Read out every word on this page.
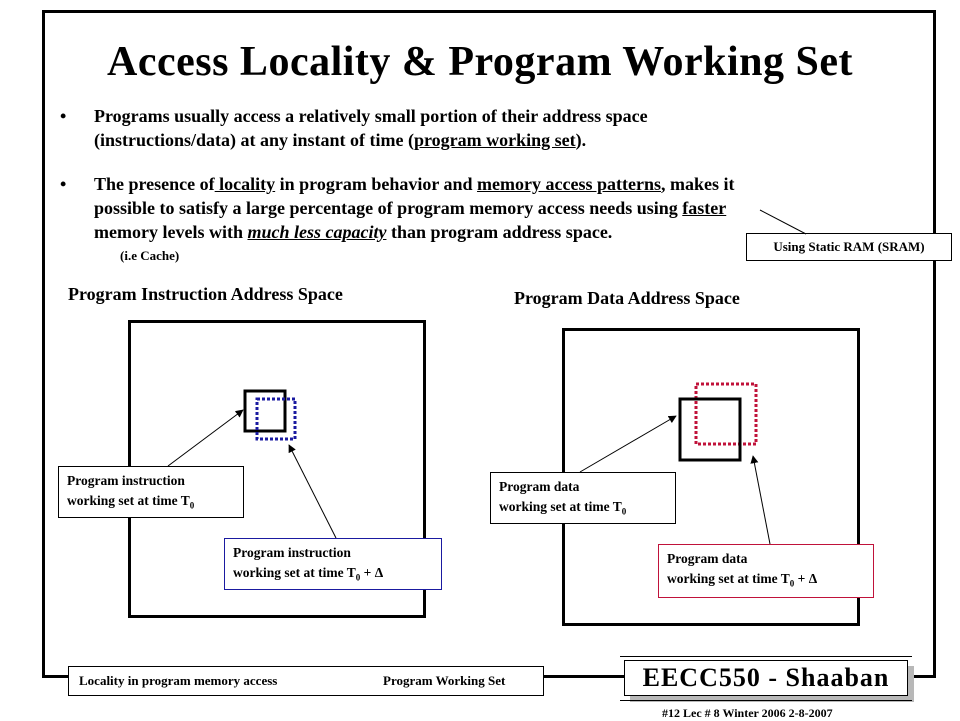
Access Locality & Program Working Set
• Programs usually access a relatively small portion of their address space
(instructions/data) at any instant of time (program working set).
• The presence of locality in program behavior and memory access patterns, makes it
possible to satisfy a large percentage of program memory access needs using faster
memory levels with much less capacity than program address space.
(i.e Cache)
Using Static RAM (SRAM)
Program Instruction Address Space	Program Data Address Space
Program instruction
working set at time $T_0$
Program instruction
working set at time $T_0 + \Delta$
Program data
working set at time $T_0$
Program data
working set at time $T_0 + \Delta$
Locality in program memory access	Program Working Set	EECC550 - Shaaban
#12 Lec # 8 Winter 2006 2-8-2007
